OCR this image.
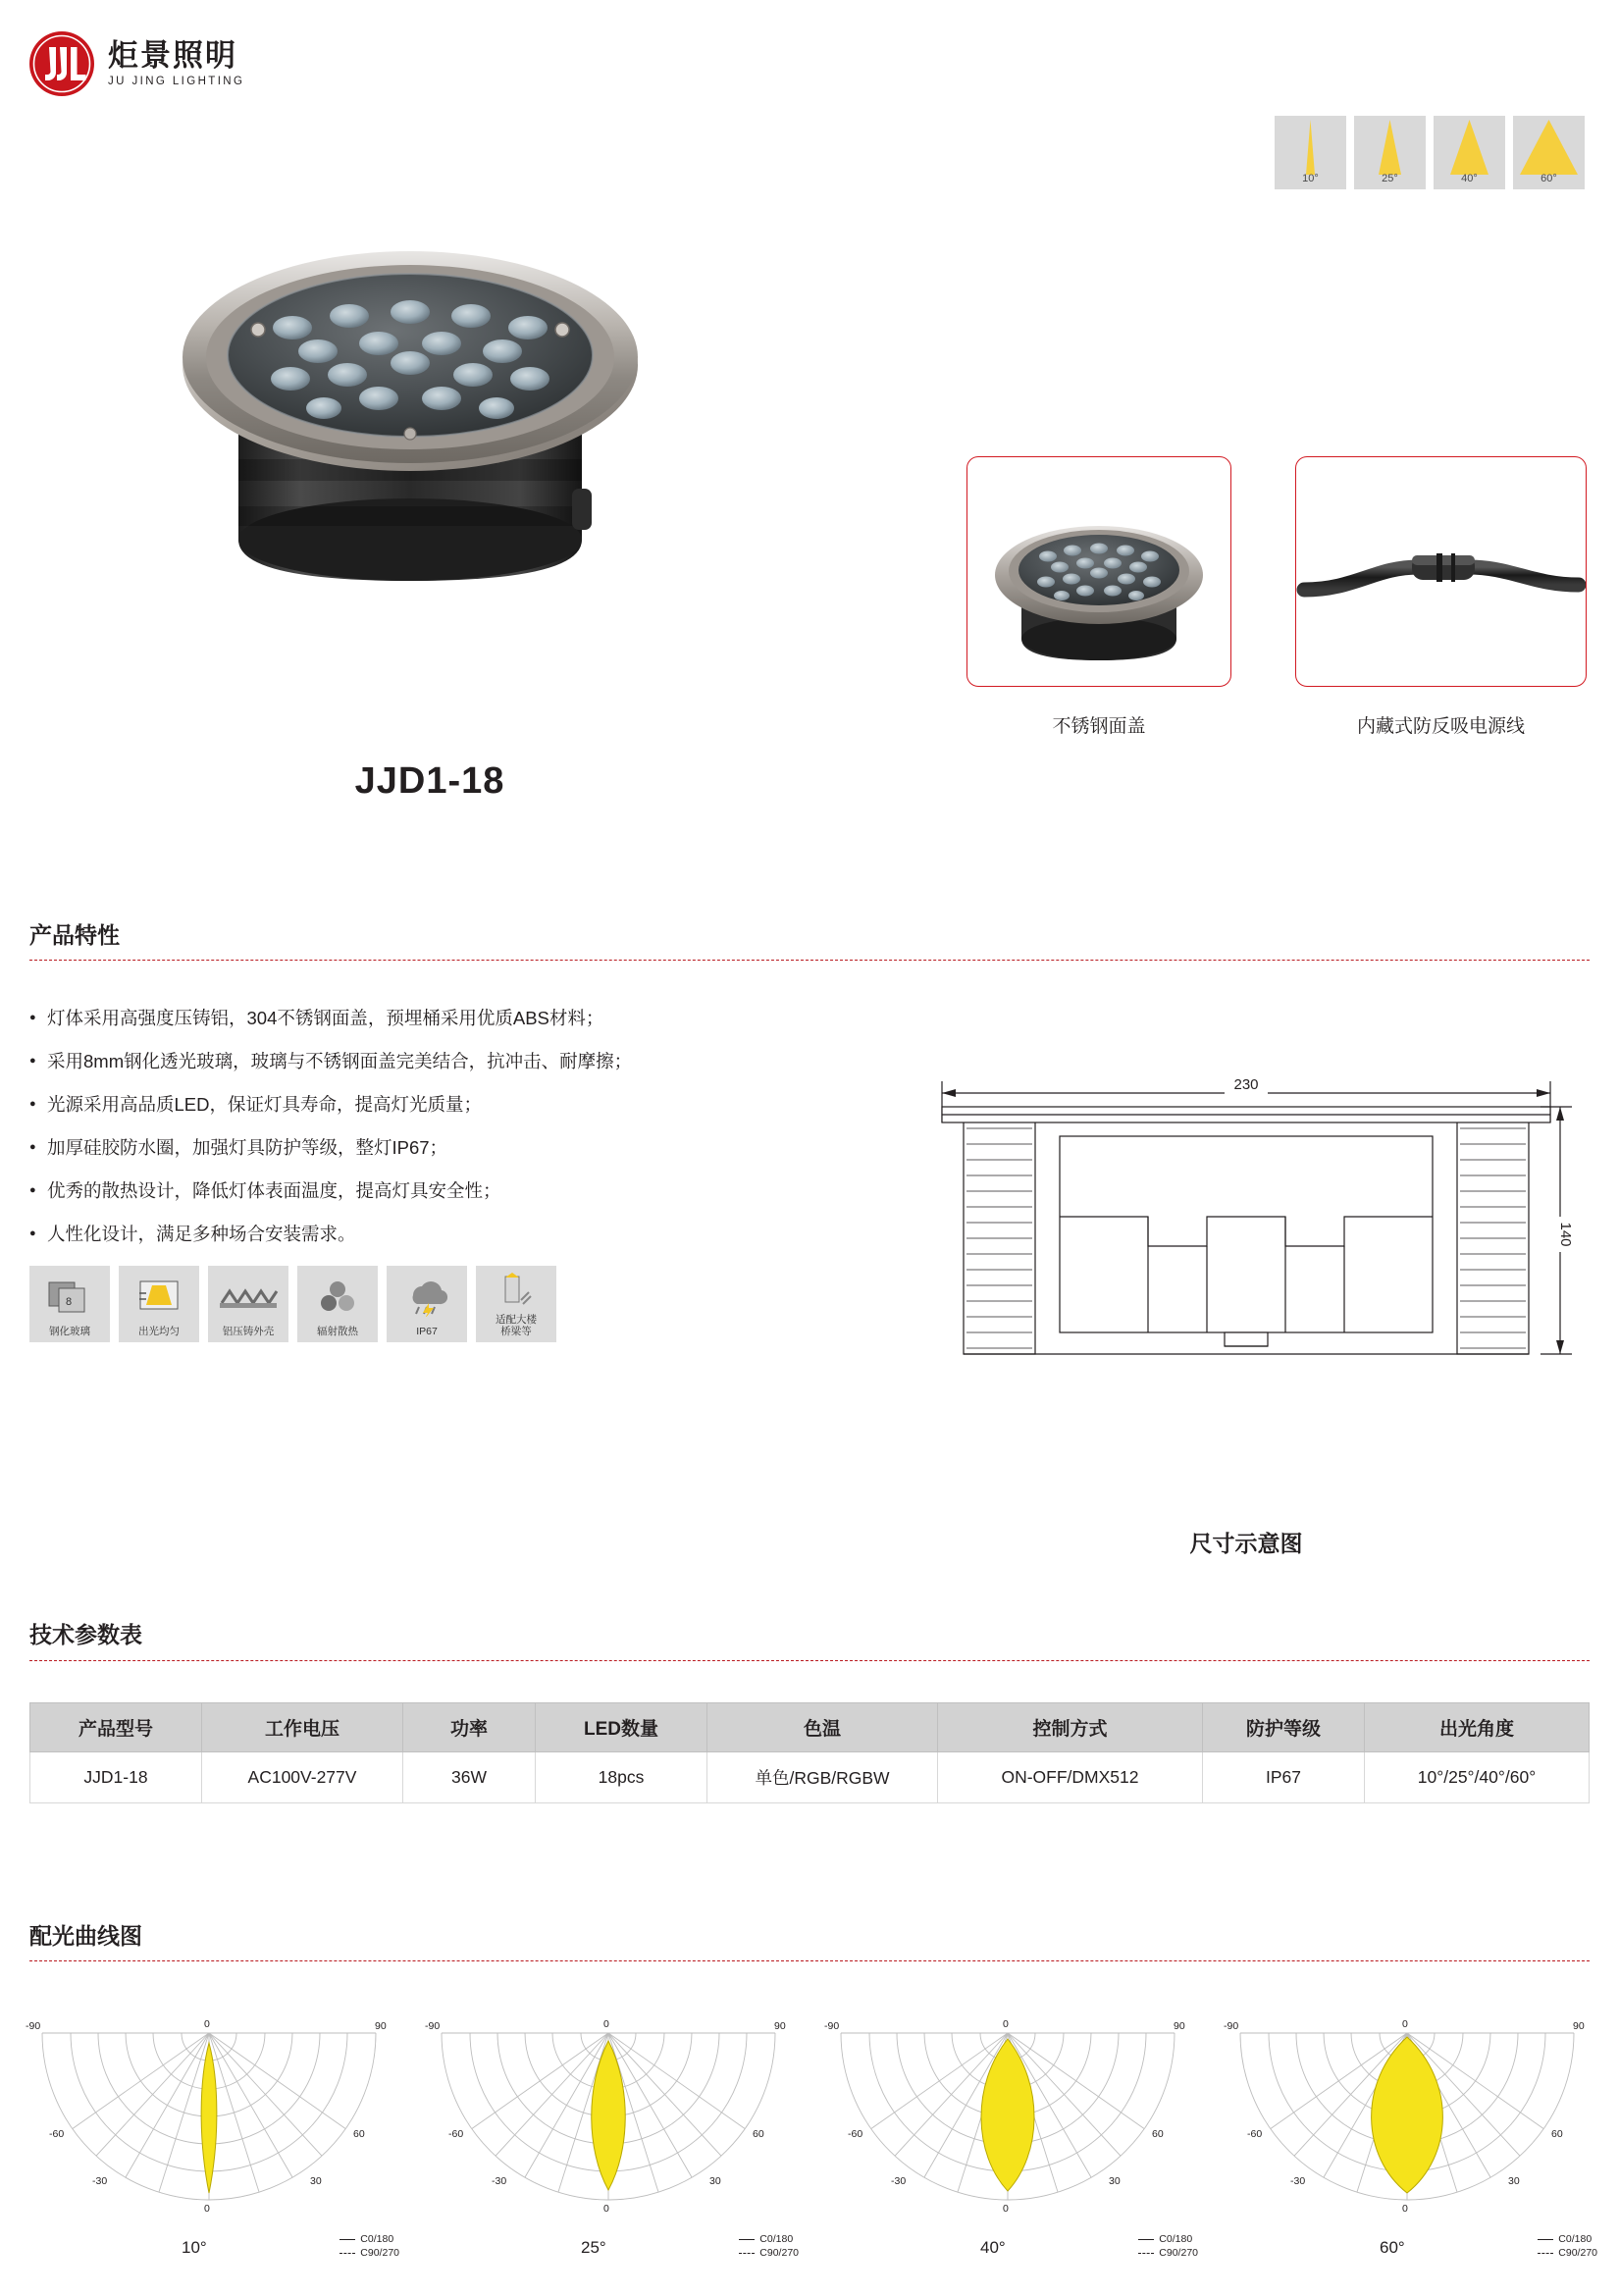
炬景照明
JU JING LIGHTING
10°	25°	40°	60°
JJD1-18
不锈钢面盖	内藏式防反吸电源线
产品特性
● 灯体采用高强度压铸铝，304不锈钢面盖，预埋桶采用优质ABS材料；
● 采用8mm钢化透光玻璃，玻璃与不锈钢面盖完美结合，抗冲击、耐摩擦；
● 光源采用高品质LED，保证灯具寿命，提高灯光质量；
● 加厚硅胶防水圈，加强灯具防护等级，整灯IP67；
● 优秀的散热设计，降低灯体表面温度，提高灯具安全性；
● 人性化设计，满足多种场合安装需求。
8
钢化玻璃	出光均匀	铝压铸外壳	辐射散热	IP67
适配大楼
桥梁等
230
140
尺寸示意图
技术参数表
产品型号	工作电压	功率	LED数量	色温	控制方式	防护等级	出光角度
JJD1-18	AC100V-277V	36W	18pcs	单色/RGB/RGBW	ON-OFF/DMX512	IP67	10°/25°/40°/60°
配光曲线图
-90	90
-60	60
-30	30
0
0
10°	C0/180
C90/270
-90	90
-60	60
-30	30
0
0
25°	C0/180
C90/270
-90	90
-60	60
-30	30
0
0
40°	C0/180
C90/270
-90	90
-60	60
-30	30
0
0
60°	C0/180
C90/270
